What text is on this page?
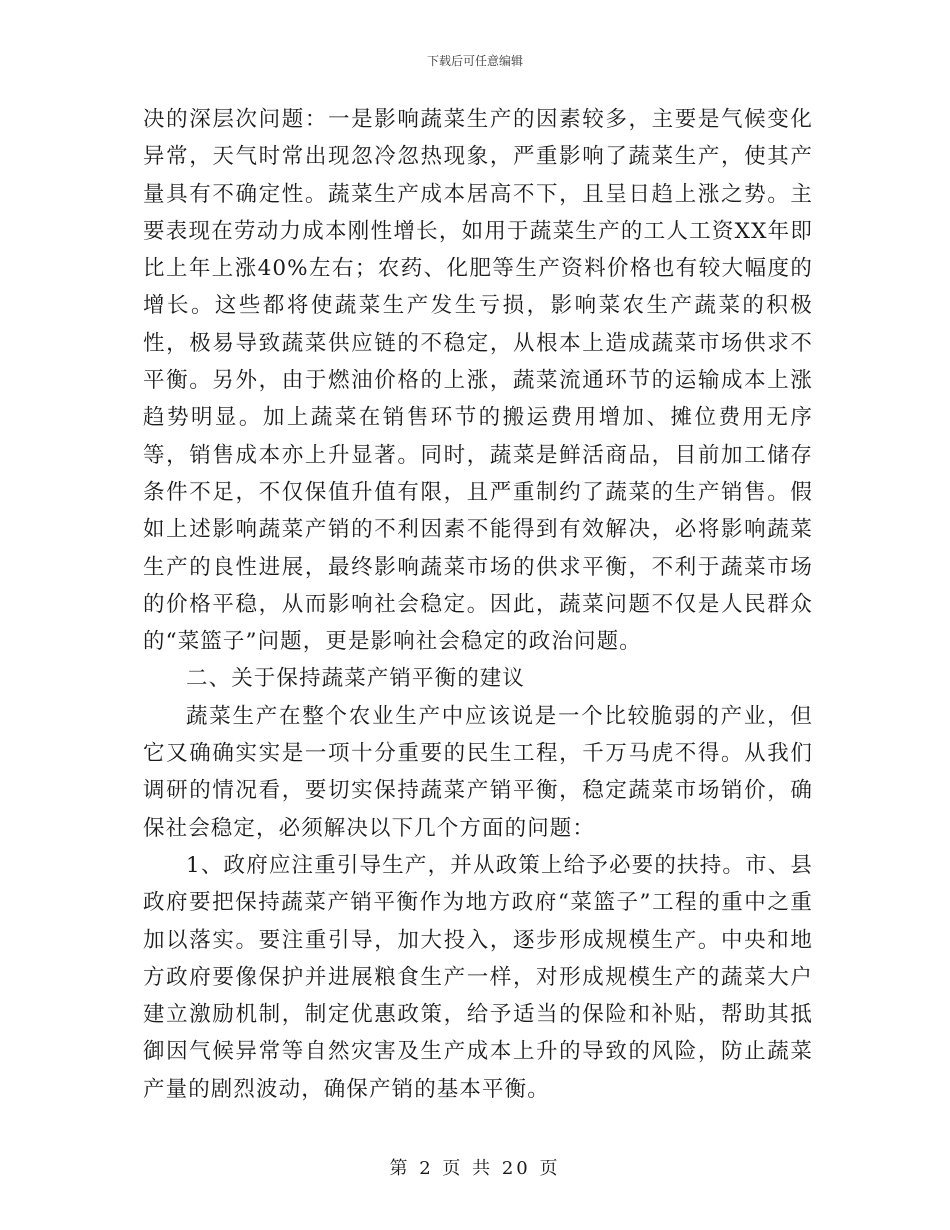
下载后可任意编辑

决的深层次问题：一是影响蔬菜生产的因素较多，主要是气候变化异常，天气时常出现忽冷忽热现象，严重影响了蔬菜生产，使其产量具有不确定性。蔬菜生产成本居高不下，且呈日趋上涨之势。主要表现在劳动力成本刚性增长，如用于蔬菜生产的工人工资XX年即比上年上涨40%左右；农药、化肥等生产资料价格也有较大幅度的增长。这些都将使蔬菜生产发生亏损，影响菜农生产蔬菜的积极性，极易导致蔬菜供应链的不稳定，从根本上造成蔬菜市场供求不平衡。另外，由于燃油价格的上涨，蔬菜流通环节的运输成本上涨趋势明显。加上蔬菜在销售环节的搬运费用增加、摊位费用无序等，销售成本亦上升显著。同时，蔬菜是鲜活商品，目前加工储存条件不足，不仅保值升值有限，且严重制约了蔬菜的生产销售。假如上述影响蔬菜产销的不利因素不能得到有效解决，必将影响蔬菜生产的良性进展，最终影响蔬菜市场的供求平衡，不利于蔬菜市场的价格平稳，从而影响社会稳定。因此，蔬菜问题不仅是人民群众的“菜篮子”问题，更是影响社会稳定的政治问题。

二、关于保持蔬菜产销平衡的建议

蔬菜生产在整个农业生产中应该说是一个比较脆弱的产业，但它又确确实实是一项十分重要的民生工程，千万马虎不得。从我们调研的情况看，要切实保持蔬菜产销平衡，稳定蔬菜市场销价，确保社会稳定，必须解决以下几个方面的问题：

1、政府应注重引导生产，并从政策上给予必要的扶持。市、县政府要把保持蔬菜产销平衡作为地方政府“菜篮子”工程的重中之重加以落实。要注重引导，加大投入，逐步形成规模生产。中央和地方政府要像保护并进展粮食生产一样，对形成规模生产的蔬菜大户建立激励机制，制定优惠政策，给予适当的保险和补贴，帮助其抵御因气候异常等自然灾害及生产成本上升的导致的风险，防止蔬菜产量的剧烈波动，确保产销的基本平衡。

第 2 页 共 20 页
